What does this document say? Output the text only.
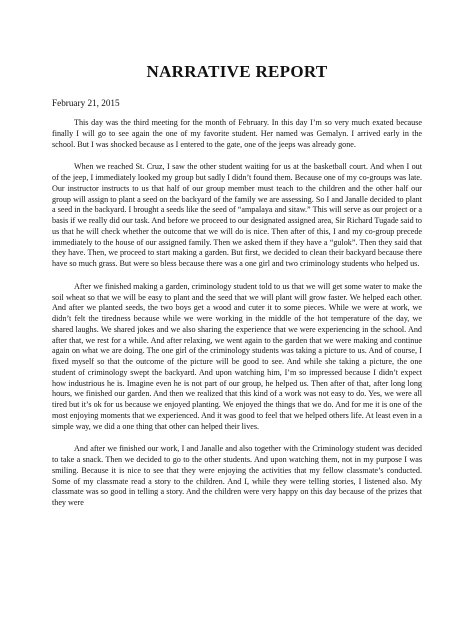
NARRATIVE REPORT

February 21, 2015

This day was the third meeting for the month of February. In this day I’m so very much exated because finally I will go to see again the one of my favorite student. Her named was Gemalyn. I arrived early in the school. But I was shocked because as I entered to the gate, one of the jeeps was already gone.

When we reached St. Cruz, I saw the other student waiting for us at the basketball court. And when I out of the jeep, I immediately looked my group but sadly I didn’t found them. Because one of my co-groups was late. Our instructor instructs to us that half of our group member must teach to the children and the other half our group will assign to plant a seed on the backyard of the family we are assessing. So I and Janalle decided to plant a seed in the backyard. I brought a seeds like the seed of “ampalaya and sitaw.” This will serve as our project or a basis if we really did our task. And before we proceed to our designated assigned area, Sir Richard Tugade said to us that he will check whether the outcome that we will do is nice. Then after of this, I and my co-group precede immediately to the house of our assigned family. Then we asked them if they have a “gulok”. Then they said that they have. Then, we proceed to start making a garden. But first, we decided to clean their backyard because there have so much grass. But were so bless because there was a one girl and two criminology students who helped us.

After we finished making a garden, criminology student told to us that we will get some water to make the soil wheat so that we will be easy to plant and the seed that we will plant will grow faster. We helped each other. And after we planted seeds, the two boys get a wood and cuter it to some pieces. While we were at work, we didn’t felt the tiredness because while we were working in the middle of the hot temperature of the day, we shared laughs. We shared jokes and we also sharing the experience that we were experiencing in the school. And after that, we rest for a while. And after relaxing, we went again to the garden that we were making and continue again on what we are doing. The one girl of the criminology students was taking a picture to us. And of course, I fixed myself so that the outcome of the picture will be good to see. And while she taking a picture, the one student of criminology swept the backyard. And upon watching him, I’m so impressed because I didn’t expect how industrious he is. Imagine even he is not part of our group, he helped us. Then after of that, after long long hours, we finished our garden. And then we realized that this kind of a work was not easy to do. Yes, we were all tired but it’s ok for us because we enjoyed planting. We enjoyed the things that we do. And for me it is one of the most enjoying moments that we experienced. And it was good to feel that we helped others life. At least even in a simple way, we did a one thing that other can helped their lives.

And after we finished our work, I and Janalle and also together with the Criminology student was decided to take a snack. Then we decided to go to the other students. And upon watching them, not in my purpose I was smiling. Because it is nice to see that they were enjoying the activities that my fellow classmate’s conducted. Some of my classmate read a story to the children. And I, while they were telling stories, I listened also. My classmate was so good in telling a story. And the children were very happy on this day because of the prizes that they were
